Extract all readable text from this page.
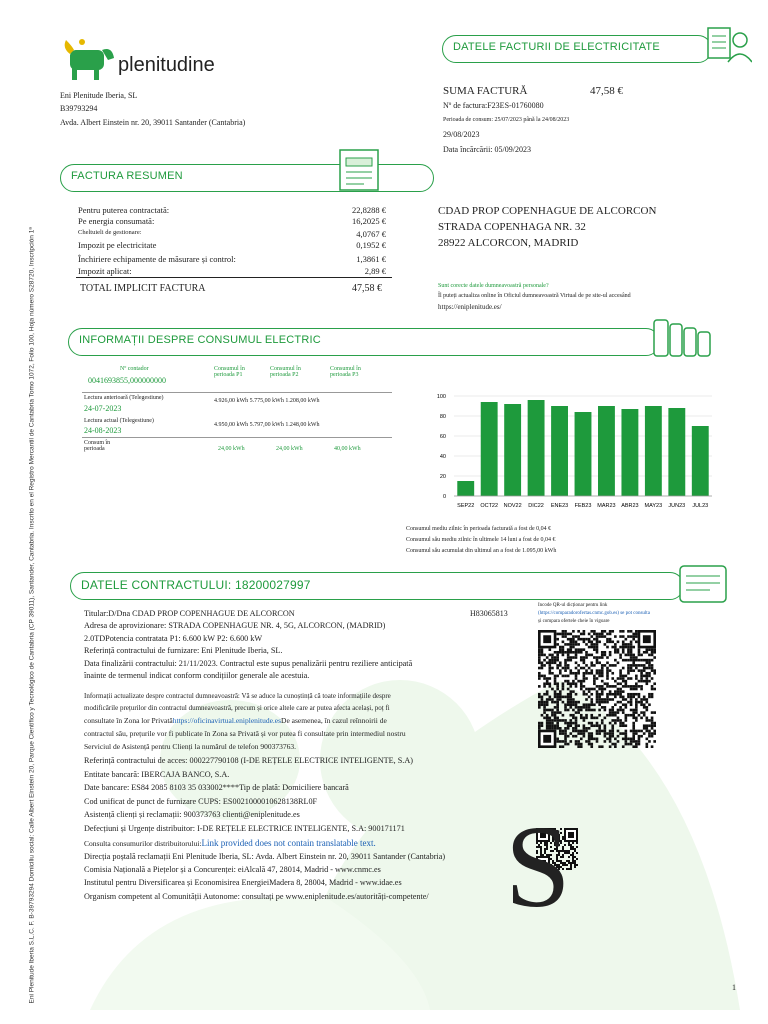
Eni Plenitude Iberia S.L.C. F. B-39793294 Domiciliu social: Calle Albert Einstein 20, Parque Científico y Tecnológico de Cantabria (CP 39011), Santander, Cantabria. Inscrito en el Registro Mercantil de Cantabria Tomo 1072, Folio 100, Hoja número S28720, Inscripción 1ª
plenitudine
Eni Plenitude Iberia, SL
B39793294
Avda. Albert Einstein nr. 20, 39011 Santander (Cantabria)
DATELE FACTURII DE ELECTRICITATE
SUMA FACTURĂ	47,58 €
Nº de factura:F23ES-01760080
Perioada de consum: 25/07/2023 până la 24/08/2023
29/08/2023
Data încărcării: 05/09/2023
FACTURA RESUMEN
Pentru puterea contractată:	22,8288 €
Pe energia consumată:	16,2025 €
Cheltuieli de gestionare:	4,0767 €
Impozit pe electricitate	0,1952 €
Închiriere echipamente de măsurare și control:	1,3861 €
Impozit aplicat:	2,89 €
TOTAL IMPLICIT FACTURA	47,58 €
CDAD PROP COPENHAGUE DE ALCORCON
STRADA COPENHAGA NR. 32
28922 ALCORCON, MADRID
Sunt corecte datele dumneavoastră personale?
Îl puteți actualiza online în Oficiul dumneavoastră Virtual de pe site-ul accesând
https://eniplenitude.es/
INFORMAȚII DESPRE CONSUMUL ELECTRIC
Nº contador
0041693855,000000000
Consumul în perioada P1
Consumul în perioada P2
Consumul în perioada P3
Lectura anterioară (Telegestiune)
24-07-2023
4.926,00 kWh 5.775,00 kWh 1.208,00 kWh
Lectura actual (Telegestiune)
24-08-2023
4.950,00 kWh 5.797,00 kWh 1.248,00 kWh
Consum în perioada	24,00 kWh	24,00 kWh	40,00 kWh
0
20
40
60
80
100
SEP22 OCT22 NOV22 DIC22 ENE23 FEB23 MAR23 ABR23 MAY23 JUN23 JUL23
Consumul mediu zilnic în perioada facturată a fost de 0,04 €
Consumul său mediu zilnic în ultimele 14 luni a fost de 0,04 €
Consumul său acumulat din ultimul an a fost de 1.095,00 kWh
DATELE CONTRACTULUI: 18200027997
Titular:D/Dna CDAD PROP COPENHAGUE DE ALCORCON
Adresa de aprovizionare: STRADA COPENHAGUE NR. 4, 5G, ALCORCON, (MADRID)
2.0TDPotencia contratata P1: 6.600 kW P2: 6.600 kW
Referință contractului de furnizare: Eni Plenitude Iberia, SL.
Data finalizării contractului: 21/11/2023. Contractul este supus penalizării pentru reziliere anticipată
înainte de termenul indicat conform condițiilor generale ale acestuia.
H83065813
Informații actualizate despre contractul dumneavoastră: Vă se aduce la cunoștință că toate informațiile despre
modificările prețurilor din contractul dumneavoastră, precum și orice altele care ar putea afecta același, poț fi
consultate în Zona lor Privatăhttps://oficinavirtual.eniplenitude.esDe asemenea, în cazul reînnoirii de
contractul său, prețurile vor fi publicate în Zona sa Privată și vor putea fi consultate prin intermediul nostru
Serviciul de Asistență pentru Clienți la numărul de telefon 900373763.
Referință contractului de acces: 000227790108 (I-DE REȚELE ELECTRICE INTELIGENTE, S.A)
Entitate bancară: IBERCAJA BANCO, S.A.
Date bancare: ES84 2085 8103 35 033002****Tip de plată: Domiciliere bancară
Cod unificat de punct de furnizare CUPS: ES0021000010628138RL0F
Asistență clienți și reclamații: 900373763 clienti@eniplenitude.es
Defecțiuni și Urgențe distribuitor: I-DE REȚELE ELECTRICE INTELIGENTE, S.A: 900171171
Consulta consumurilor distribuitorului:Link provided does not contain translatable text.
Direcția poștală reclamații Eni Plenitude Iberia, SL: Avda. Albert Einstein nr. 20, 39011 Santander (Cantabria)
Comisia Națională a Piețelor și a Concurenței: eiAlcală 47, 28014, Madrid - www.cnmc.es
Institutul pentru Diversificarea și Economisirea EnergieiMadera 8, 28004, Madrid - www.idae.es
Organism competent al Comunității Autonome: consultați pe www.eniplenitude.es/autorități-competente/
Incode QR-ul dicționar pentru link
(https://comparadorofertas.cnmc.gob.es) se pot consulta
și compara ofertele cheie în vigoare
S
1
